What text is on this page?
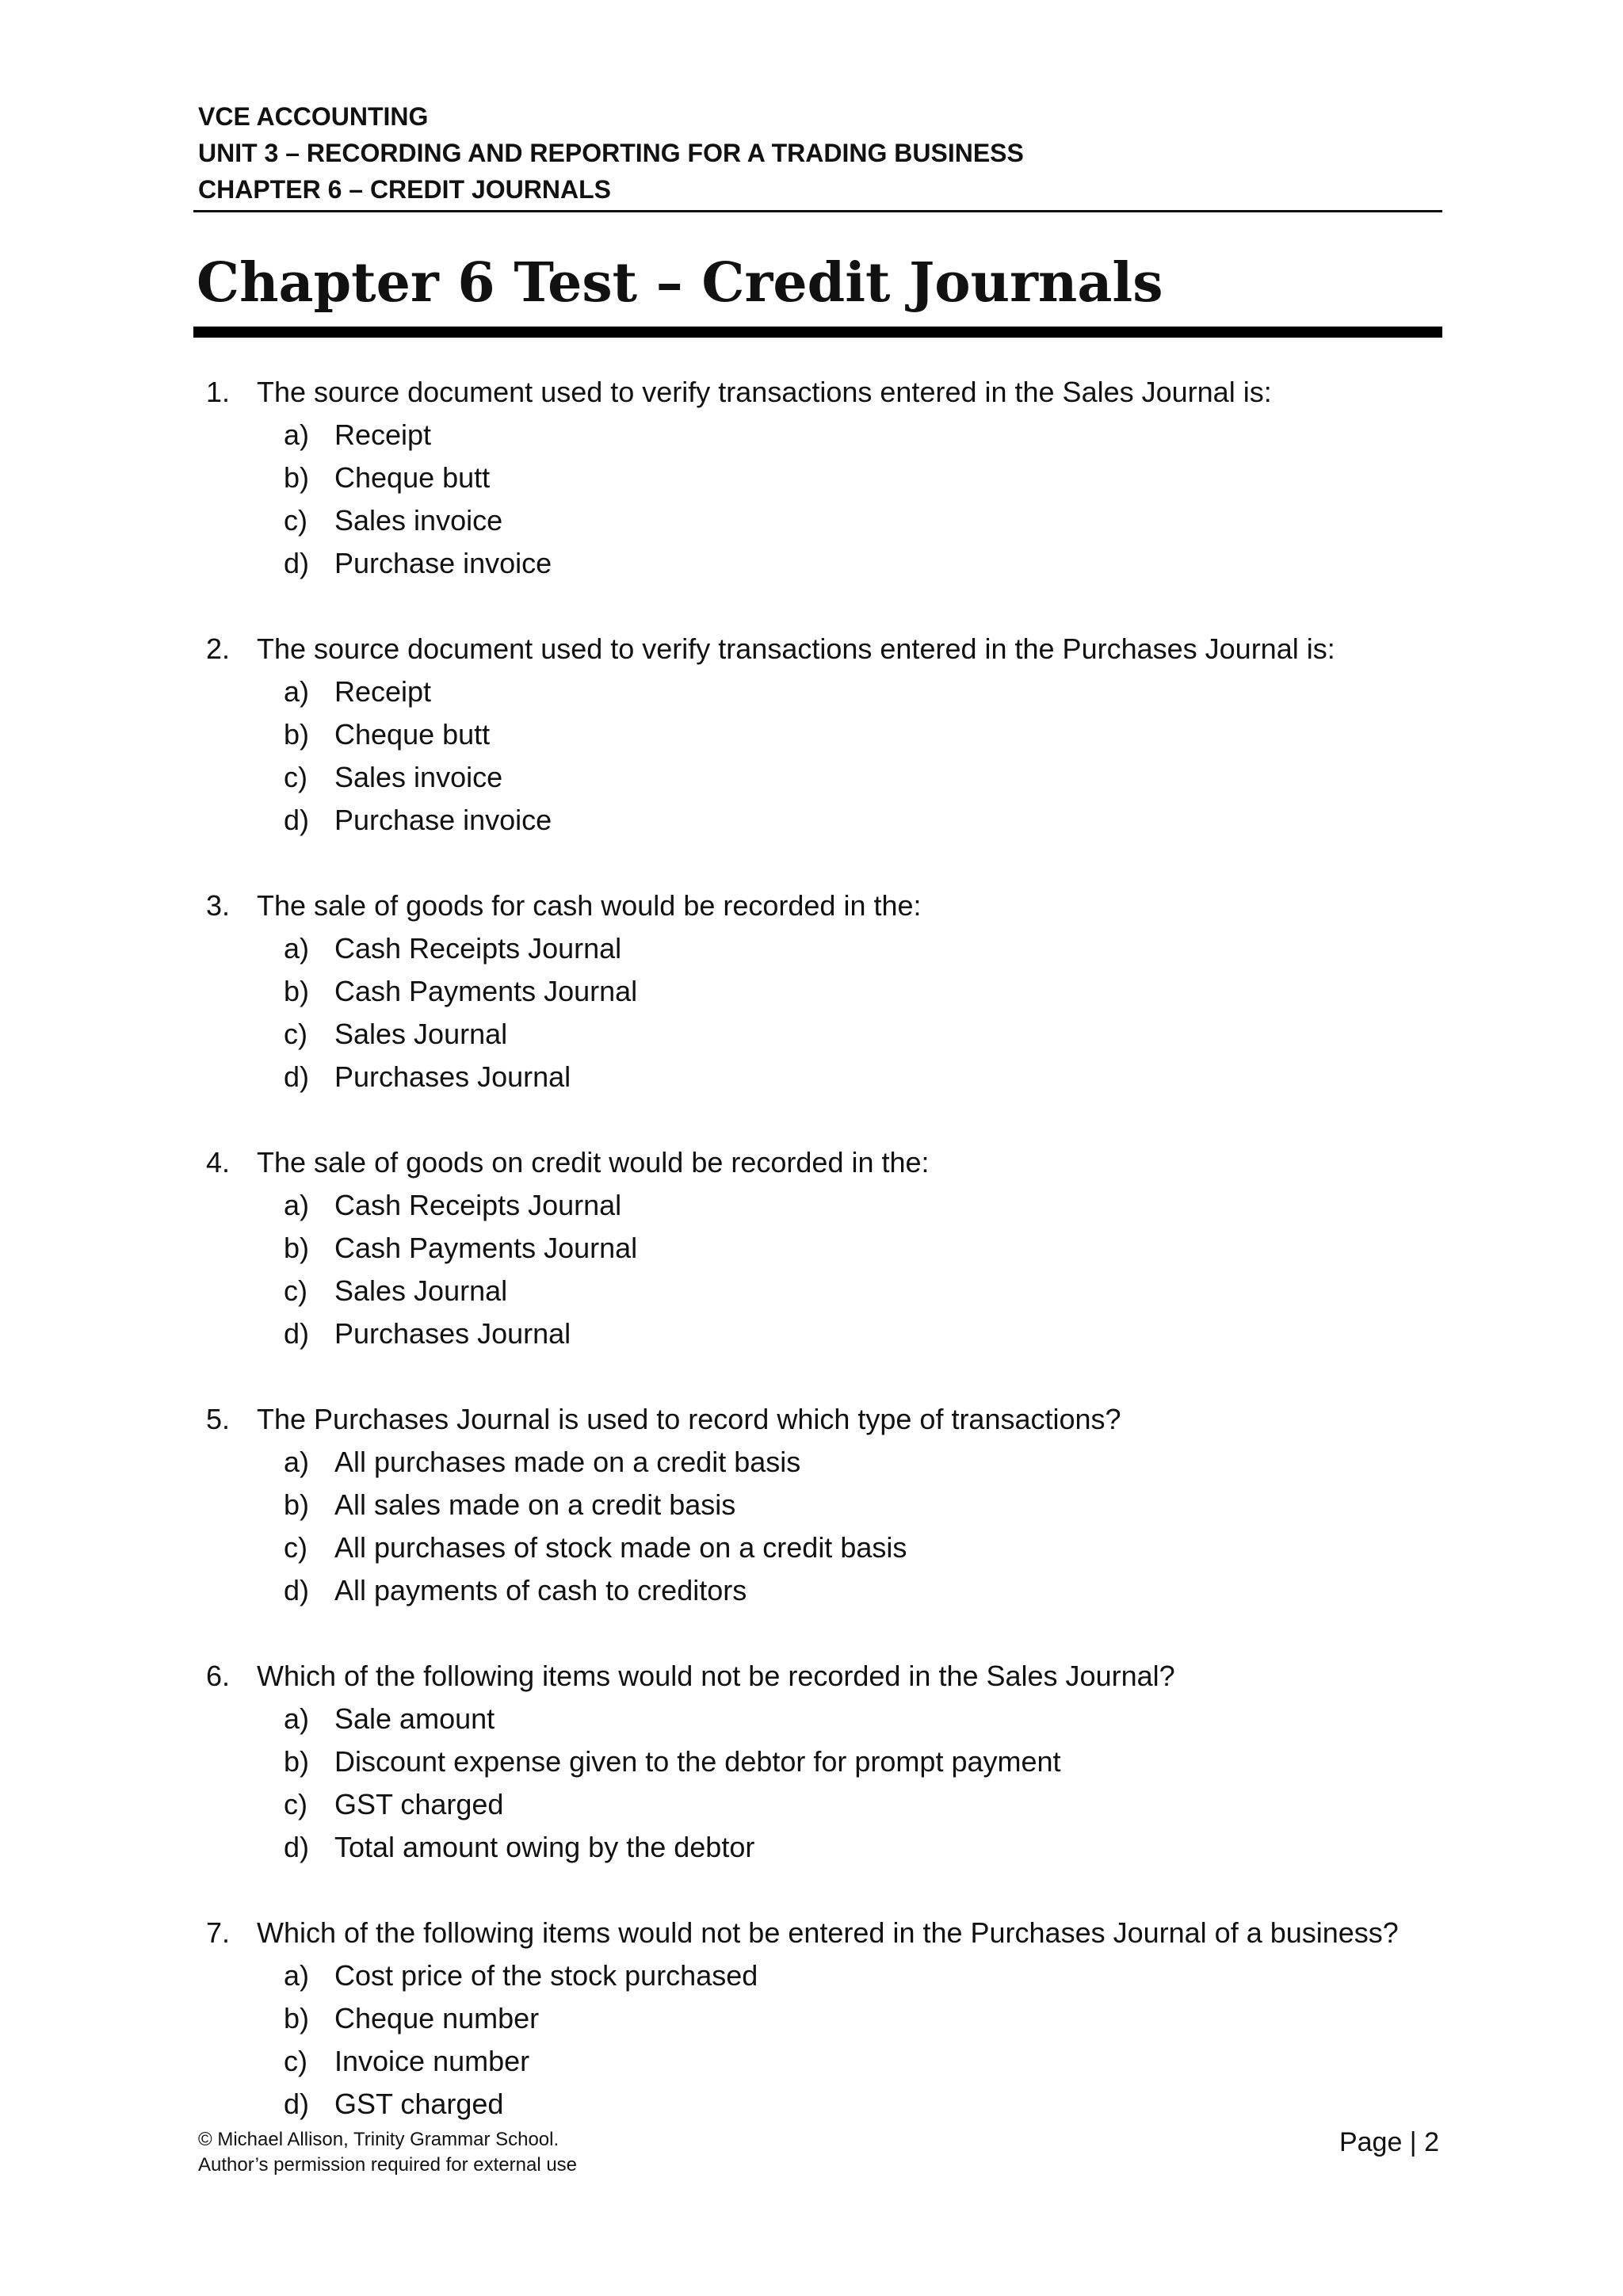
VCE ACCOUNTING
UNIT 3 – RECORDING AND REPORTING FOR A TRADING BUSINESS
CHAPTER 6 – CREDIT JOURNALS
Chapter 6 Test – Credit Journals
1. The source document used to verify transactions entered in the Sales Journal is:
a) Receipt
b) Cheque butt
c) Sales invoice
d) Purchase invoice
2. The source document used to verify transactions entered in the Purchases Journal is:
a) Receipt
b) Cheque butt
c) Sales invoice
d) Purchase invoice
3. The sale of goods for cash would be recorded in the:
a) Cash Receipts Journal
b) Cash Payments Journal
c) Sales Journal
d) Purchases Journal
4. The sale of goods on credit would be recorded in the:
a) Cash Receipts Journal
b) Cash Payments Journal
c) Sales Journal
d) Purchases Journal
5. The Purchases Journal is used to record which type of transactions?
a) All purchases made on a credit basis
b) All sales made on a credit basis
c) All purchases of stock made on a credit basis
d) All payments of cash to creditors
6. Which of the following items would not be recorded in the Sales Journal?
a) Sale amount
b) Discount expense given to the debtor for prompt payment
c) GST charged
d) Total amount owing by the debtor
7. Which of the following items would not be entered in the Purchases Journal of a business?
a) Cost price of the stock purchased
b) Cheque number
c) Invoice number
d) GST charged
© Michael Allison, Trinity Grammar School.
Author’s permission required for external use
Page | 2
